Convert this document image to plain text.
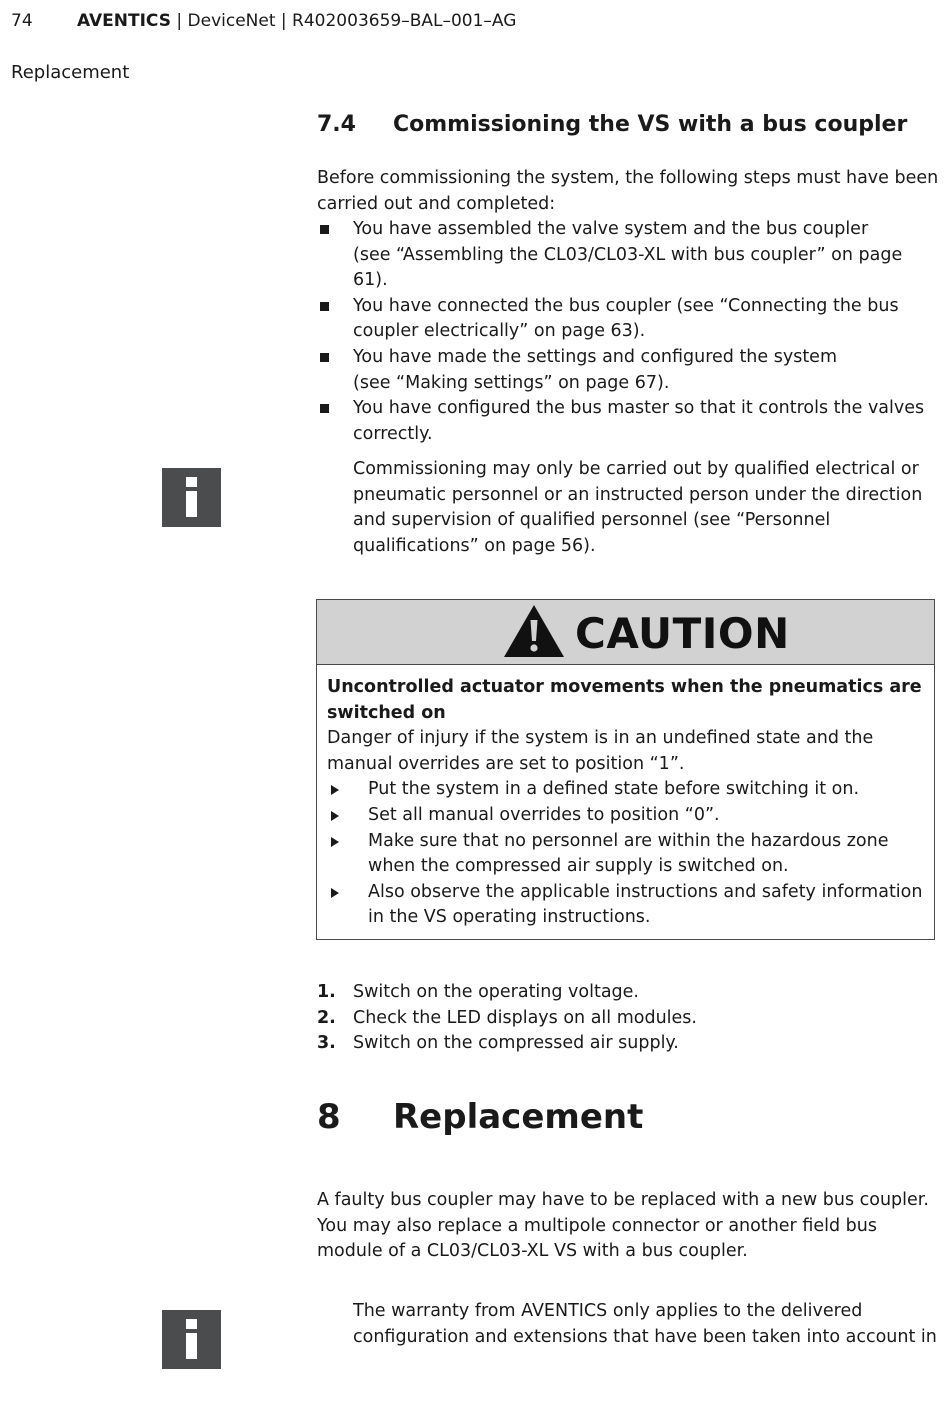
74	AVENTICS | DeviceNet | R402003659–BAL–001–AG
Replacement
7.4 Commissioning the VS with a bus coupler
Before commissioning the system, the following steps must have been carried out and completed:
You have assembled the valve system and the bus coupler
(see “Assembling the CL03/CL03-XL with bus coupler” on page 61).
You have connected the bus coupler (see “Connecting the bus
coupler electrically” on page 63).
You have made the settings and configured the system
(see “Making settings” on page 67).
You have configured the bus master so that it controls the valves
correctly.
Commissioning may only be carried out by qualified electrical or pneumatic personnel or an instructed person under the direction and supervision of qualified personnel (see “Personnel qualifications” on page 56).
CAUTION
Uncontrolled actuator movements when the pneumatics are switched on
Danger of injury if the system is in an undefined state and the manual overrides are set to position “1”.
Put the system in a defined state before switching it on.
Set all manual overrides to position “0”.
Make sure that no personnel are within the hazardous zone when the compressed air supply is switched on.
Also observe the applicable instructions and safety information in the VS operating instructions.
1. Switch on the operating voltage.
2. Check the LED displays on all modules.
3. Switch on the compressed air supply.
8 Replacement
A faulty bus coupler may have to be replaced with a new bus coupler. You may also replace a multipole connector or another field bus module of a CL03/CL03-XL VS with a bus coupler.
The warranty from AVENTICS only applies to the delivered configuration and extensions that have been taken into account in
